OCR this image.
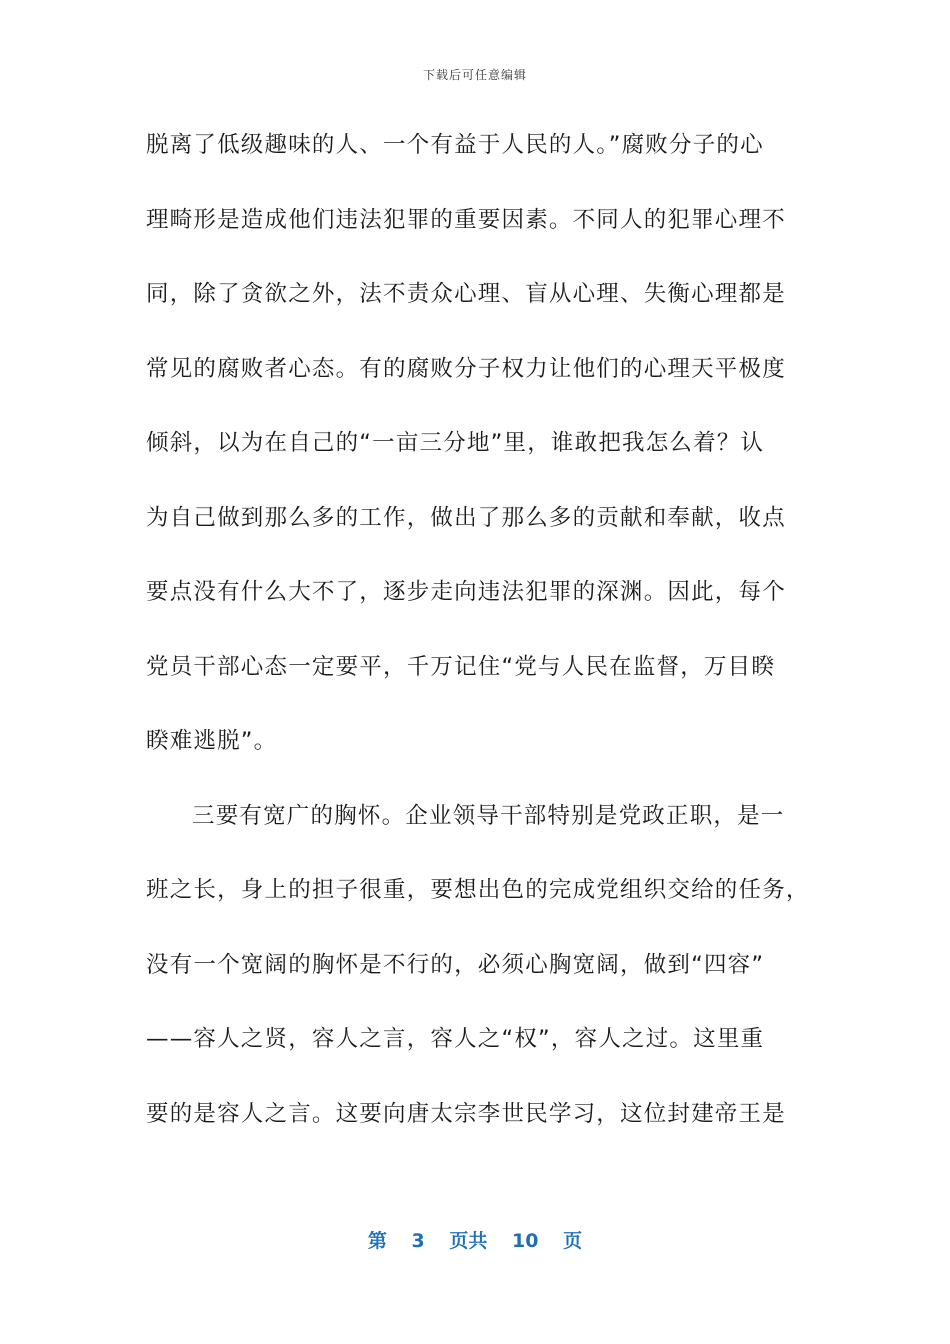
下载后可任意编辑
脱离了低级趣味的人、一个有益于人民的人。”腐败分子的心
理畸形是造成他们违法犯罪的重要因素。不同人的犯罪心理不
同，除了贪欲之外，法不责众心理、盲从心理、失衡心理都是
常见的腐败者心态。有的腐败分子权力让他们的心理天平极度
倾斜，以为在自己的“一亩三分地”里，谁敢把我怎么着？认
为自己做到那么多的工作，做出了那么多的贡献和奉献，收点
要点没有什么大不了，逐步走向违法犯罪的深渊。因此，每个
党员干部心态一定要平，千万记住“党与人民在监督，万目睽
睽难逃脱”。
三要有宽广的胸怀。企业领导干部特别是党政正职，是一
班之长，身上的担子很重，要想出色的完成党组织交给的任务，
没有一个宽阔的胸怀是不行的，必须心胸宽阔，做到“四容”
——容人之贤，容人之言，容人之“权”，容人之过。这里重
要的是容人之言。这要向唐太宗李世民学习，这位封建帝王是
第 3 页共 10 页
